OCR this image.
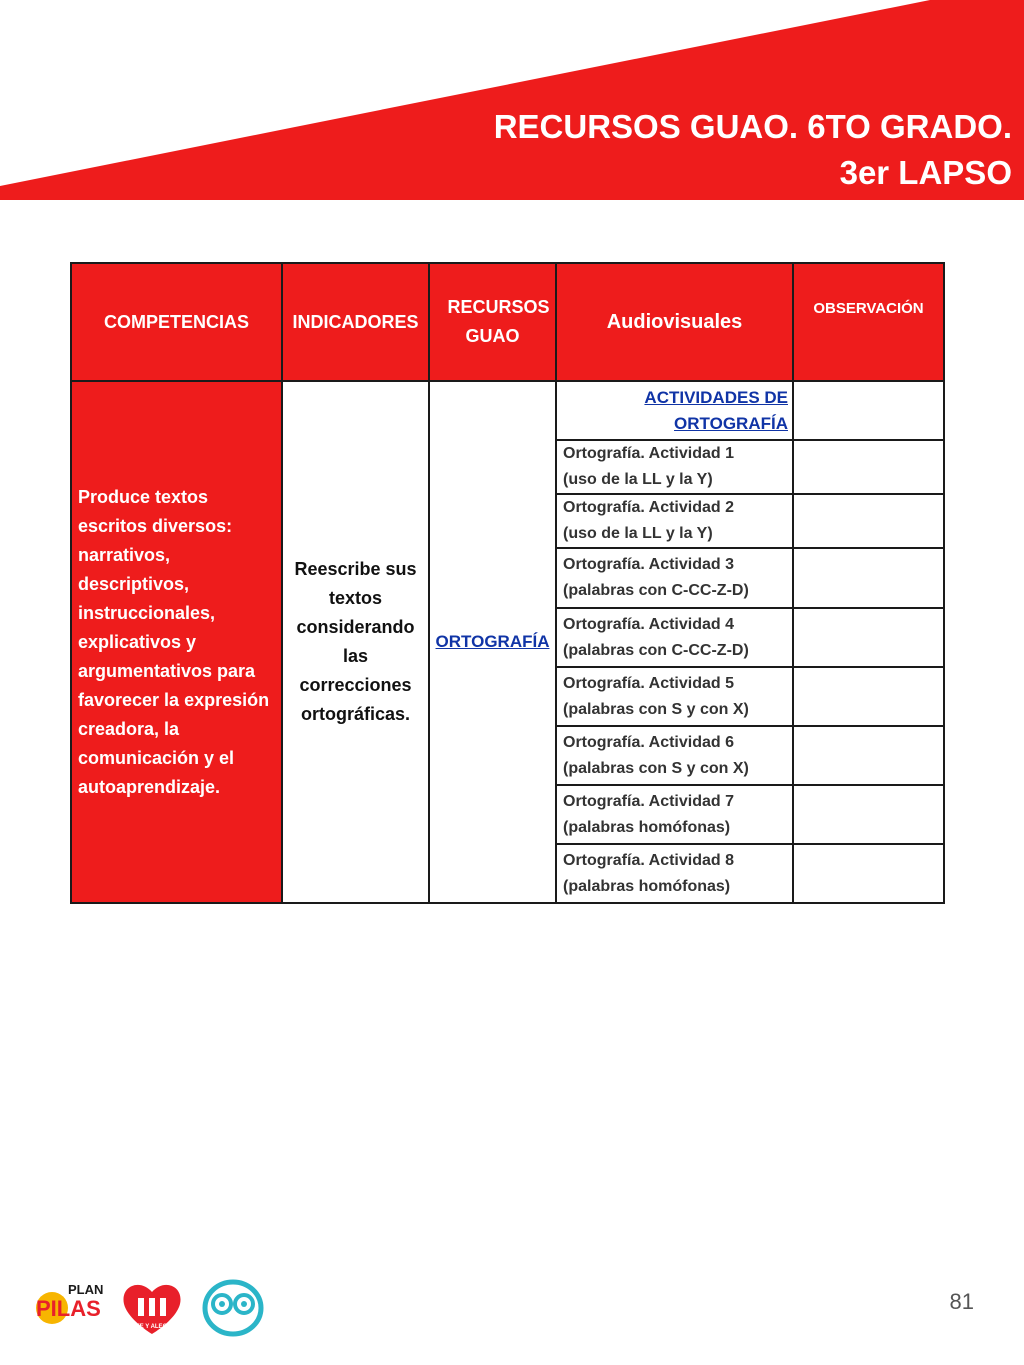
RECURSOS GUAO. 6TO GRADO.
3er LAPSO
COMPETENCIAS	INDICADORES	RECURSOS GUAO	Audiovisuales	OBSERVACIÓN

Produce textos escritos diversos: narrativos, descriptivos, instruccionales, explicativos y argumentativos para favorecer la expresión creadora, la comunicación y el autoaprendizaje.	Reescribe sus textos considerando las correcciones ortográficas.	ORTOGRAFÍA	ACTIVIDADES DE ORTOGRAFÍA	

			Ortografía. Actividad 1
(uso de la LL y la Y)	

			Ortografía. Actividad 2
(uso de la LL y la Y)	

			Ortografía. Actividad 3
(palabras con C-CC-Z-D)	

			Ortografía. Actividad 4
(palabras con C-CC-Z-D)	

			Ortografía. Actividad 5
(palabras con S y con X)	

			Ortografía. Actividad 6
(palabras con S y con X)	

			Ortografía. Actividad 7
(palabras homófonas)	

			Ortografía. Actividad 8
(palabras homófonas)	

PLAN
PILAS
FE Y ALEGRÍA
81
